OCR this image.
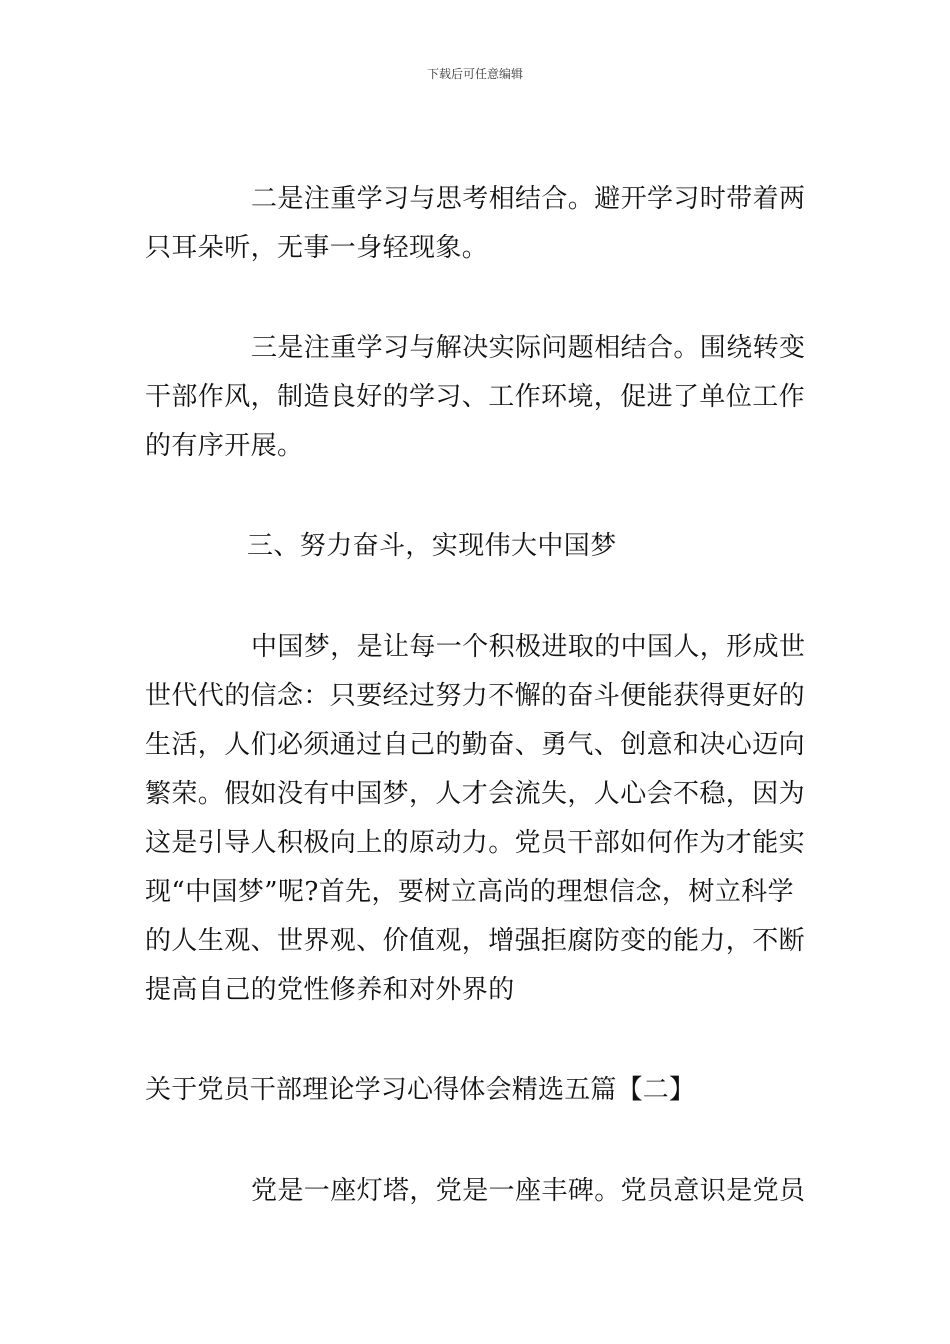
下载后可任意编辑

二是注重学习与思考相结合。避开学习时带着两只耳朵听，无事一身轻现象。

三是注重学习与解决实际问题相结合。围绕转变干部作风，制造良好的学习、工作环境，促进了单位工作的有序开展。

三、努力奋斗，实现伟大中国梦

中国梦，是让每一个积极进取的中国人，形成世世代代的信念：只要经过努力不懈的奋斗便能获得更好的生活，人们必须通过自己的勤奋、勇气、创意和决心迈向繁荣。假如没有中国梦，人才会流失，人心会不稳，因为这是引导人积极向上的原动力。党员干部如何作为才能实现“中国梦”呢?首先，要树立高尚的理想信念，树立科学的人生观、世界观、价值观，增强拒腐防变的能力，不断提高自己的党性修养和对外界的

关于党员干部理论学习心得体会精选五篇【二】

党是一座灯塔，党是一座丰碑。党员意识是党员
